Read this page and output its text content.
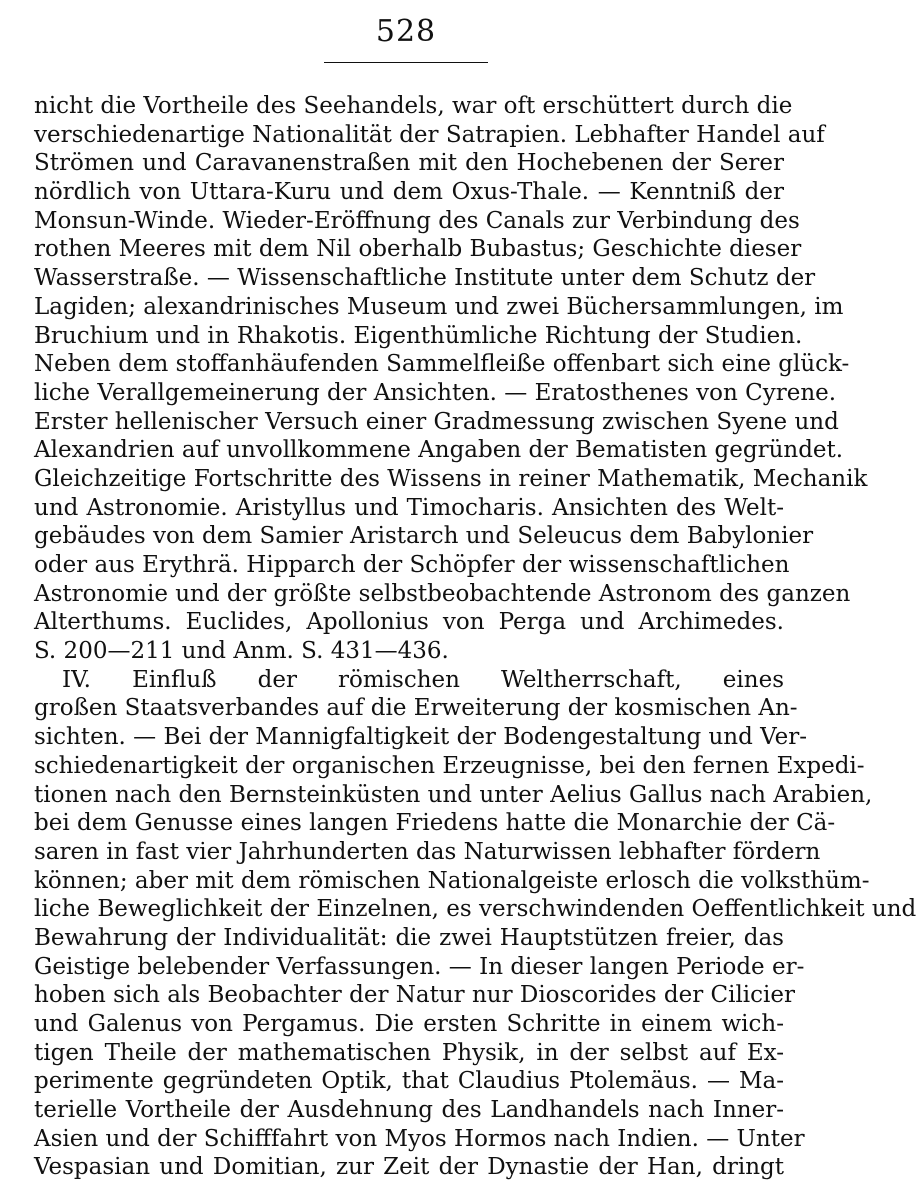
528
nicht die Vortheile des Seehandels, war oft erschüttert durch die
verschiedenartige Nationalität der Satrapien. Lebhafter Handel auf
Strömen und Caravanenstraßen mit den Hochebenen der Serer
nördlich von Uttara-Kuru und dem Oxus-Thale. — Kenntniß der
Monsun-Winde. Wieder-Eröffnung des Canals zur Verbindung des
rothen Meeres mit dem Nil oberhalb Bubastus; Geschichte dieser
Wasserstraße. — Wissenschaftliche Institute unter dem Schutz der
Lagiden; alexandrinisches Museum und zwei Büchersammlungen, im
Bruchium und in Rhakotis. Eigenthümliche Richtung der Studien.
Neben dem stoffanhäufenden Sammelfleiße offenbart sich eine glück-
liche Verallgemeinerung der Ansichten. — Eratosthenes von Cyrene.
Erster hellenischer Versuch einer Gradmessung zwischen Syene und
Alexandrien auf unvollkommene Angaben der Bematisten gegründet.
Gleichzeitige Fortschritte des Wissens in reiner Mathematik, Mechanik
und Astronomie. Aristyllus und Timocharis. Ansichten des Welt-
gebäudes von dem Samier Aristarch und Seleucus dem Babylonier
oder aus Erythrä. Hipparch der Schöpfer der wissenschaftlichen
Astronomie und der größte selbstbeobachtende Astronom des ganzen
Alterthums. Euclides, Apollonius von Perga und Archimedes.
S. 200—211 und Anm. S. 431—436.
IV. Einfluß der römischen Weltherrschaft, eines
großen Staatsverbandes auf die Erweiterung der kosmischen An-
sichten. — Bei der Mannigfaltigkeit der Bodengestaltung und Ver-
schiedenartigkeit der organischen Erzeugnisse, bei den fernen Expedi-
tionen nach den Bernsteinküsten und unter Aelius Gallus nach Arabien,
bei dem Genusse eines langen Friedens hatte die Monarchie der Cä-
saren in fast vier Jahrhunderten das Naturwissen lebhafter fördern
können; aber mit dem römischen Nationalgeiste erlosch die volksthüm-
liche Beweglichkeit der Einzelnen, es verschwindenden Oeffentlichkeit und
Bewahrung der Individualität: die zwei Hauptstützen freier, das
Geistige belebender Verfassungen. — In dieser langen Periode er-
hoben sich als Beobachter der Natur nur Dioscorides der Cilicier
und Galenus von Pergamus. Die ersten Schritte in einem wich-
tigen Theile der mathematischen Physik, in der selbst auf Ex-
perimente gegründeten Optik, that Claudius Ptolemäus. — Ma-
terielle Vortheile der Ausdehnung des Landhandels nach Inner-
Asien und der Schifffahrt von Myos Hormos nach Indien. — Unter
Vespasian und Domitian, zur Zeit der Dynastie der Han, dringt
